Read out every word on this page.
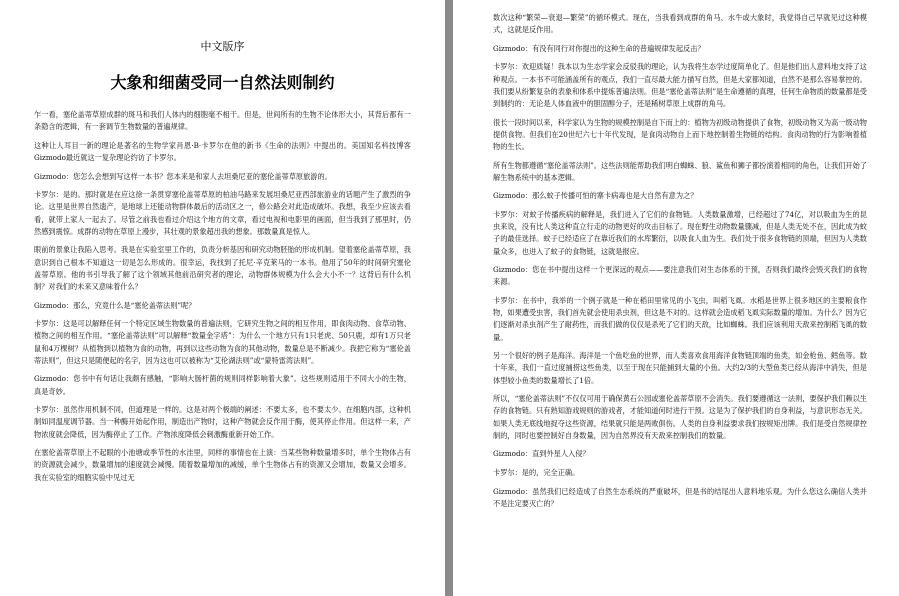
中文版序
大象和细菌受同一自然法则制约

乍一看，塞伦盖蒂草原成群的斑马和我们人体内的细胞毫不相干。但是，世间所有的生物不论体形大小，其背后都有一条隐含的逻辑，有一套调节生物数量的普遍规律。

这种让人耳目一新的理论是著名的生物学家肖恩·B·卡罗尔在他的新书《生命的法则》中提出的。美国知名科技博客Gizmodo最近就这一复杂理论约访了卡罗尔。

Gizmodo：您怎么会想到写这样一本书？您本来是和家人去坦桑尼亚的塞伦盖蒂草原旅游的。

卡罗尔：是的。那时就是在应这徐一条贯穿塞伦盖蒂草原的柏油马路来发展坦桑尼亚西部旅游业的话题产生了激烈的争论。这里是世界自然遗产，是地球上还能动物群体最后的活动区之一，修公路会对此造成破坏。我想，我至少应该去看看，就带上家人一起去了。尽管之前我也看过介绍这个地方的文章，看过电视和电影里的画面，但当我到了那里时，仍然感到震惊。成群的动物在草原上漫步，其壮观的景象超出我的想象。那数量真是惊人。

眼前的景象让我陷入思考。我是在实验室里工作的，负责分析基因和研究动物胚胎的形成机制。望着塞伦盖蒂草原，我意识到自己根本不知道这一切是怎么形成的。很幸运，我找到了托尼·辛克莱马的一本书。他用了50年的时间研究塞伦盖蒂草原。他的书引导我了解了这个领域其他前沿研究者的理论，动物群体规模为什么会大小不一？这背后有什么机制？对我们的未来又意味着什么？

Gizmodo：那么，究竟什么是“塞伦盖蒂法则”呢？

卡罗尔：这是可以解释任何一个特定区域生物数量的普遍法则，它研究生物之间的相互作用，即食肉动物、食草动物、植物之间的相互作用。“塞伦盖蒂法则”可以解释“数量金字塔”：为什么一个地方只有1只老虎、50只鹿，却有1万只老鼠和4万棵树？从植物到以植物为食的动物，再到以这些动物为食的其他动物，数量总是不断减少。我把它称为“塞伦盖蒂法则”，但这只是随便起的名字，因为这也可以被称为“艾伦湖法则”或“蒙特雷湾法则”。

Gizmodo：您书中有句话让我颇有感触，“影响大肠杆菌的规则同样影响着大象”。这些规则适用于不同大小的生物，真是奇妙。

卡罗尔：虽然作用机制不同，但道理是一样的。这是对两个极端的阐述：不要太多，也不要太少。在细胞内部，这种机制如同温度调节器。当一种酶开始起作用，制造出产物时，这种产物就会反作用于酶，使其停止作用。但这样一来，产物浓度就会降低，因为酶停止了工作。产物浓度降低会刺激酶重新开始工作。

在塞伦盖蒂草原上不起眼的小池塘或季节性的水洼里，同样的事情也在上演：当某些物种数量增多时，单个生物体占有的资源就会减少，数量增加的速度就会减慢。随着数量增加的减缓，单个生物体占有的资源又会增加，数量又会增多。我在实验室的细胞实验中见过无

数次这种“繁荣—衰退—繁荣”的循环模式。现在，当我看到成群的角马、水牛或大象时，我觉得自己早就见过这种模式，这就是反作用。

Gizmodo：有没有同行对你提出的这种生命的普遍规律发起反击？

卡罗尔：欢迎质疑！我本以为生态学家会反驳我的理论，认为我将生态学过度简单化了。但是他们出人意料地支持了这种观点。一本书不可能涵盖所有的观点，我们一直尽最大能力描写自然，但是大家都知道，自然不是那么容易掌控的。我们要从纷繁复杂的表象和体系中提炼普遍法则。但是“塞伦盖蒂法则”是生命遵循的真理，任何生命物质的数量都是受到制约的：无论是人体血液中的胆固醇分子，还是稀树草原上成群的角马。

很长一段时间以来，科学家认为生物的规模控制是自下而上的：植物为初级动物提供了食物，初级动物又为高一级动物提供食物。但我们在20世纪六七十年代发现，是食肉动物自上而下地控制着生物链的结构。食肉动物的行为影响着植物的生长。

所有生物都遵循“塞伦盖蒂法则”。这些法则能帮助我们明白蜘蛛、狼、鲨鱼和狮子都扮演着相同的角色，让我们开始了解生物系统中的基本逻辑。

Gizmodo：那么蚊子传播可怕的寨卡病毒也是大自然有意为之？

卡罗尔：对蚊子传播疾病的解释是，我们进入了它们的食物链。人类数量激增，已经超过了74亿，对以吸血为生的昆虫来说，没有比人类这种直立行走的动物更好的攻击目标了。现在野生动物数量骤减，但是人类无处不在，因此成为蚊子的最佳选择。蚊子已经适应了在靠近我们的水库繁衍，以吸食人血为生。我们处于很多食物链的顶端，但因为人类数量众多，也进入了蚊子的食物链，这就是报应。

Gizmodo：您在书中提出这样一个更深远的观点——要注意我们对生态体系的干预，否则我们最终会毁灭我们的食物来源。

卡罗尔：在书中，我举的一个例子就是一种在稻田里常见的小飞虫，叫稻飞虱。水稻是世界上很多地区的主要粮食作物，如果遭受虫害，我们首先就会使用杀虫剂，但这是不对的。这样就会造成稻飞虱实际数量的增加。为什么？因为它们逐渐对杀虫剂产生了耐药性，而我们做的仅仅是杀死了它们的天敌，比如蜘蛛。我们应该利用天敌来控制稻飞虱的数量。

另一个很好的例子是海洋。海洋是一个鱼吃鱼的世界，而人类喜欢食用海洋食物链顶端的鱼类，如金枪鱼、鳕鱼等。数十年来，我们一直过度捕捞这些鱼类，以至于现在只能捕到大量的小鱼。大约2/3的大型鱼类已经从海洋中消失，但是体型较小鱼类的数量增长了1倍。

所以，“塞伦盖蒂法则”不仅仅可用于确保黄石公园或塞伦盖蒂草原不会消失。我们要遵循这一法则，要保护我们赖以生存的食物链。只有熟知游戏规则的游戏者，才能知道何时进行干预。这是为了保护我们的自身利益，与意识形态无关。如果人类无底线地捉夺这些资源，结果就只能是两败俱伤。人类的自身利益要求我们按规矩出牌。我们是受自然规律控制的，同时也要控制好自身数量，因为自然界没有天敌来控制我们的数量。

Gizmodo：直到外星人入侵？

卡罗尔：是的，完全正确。

Gizmodo：虽然我们已经造成了自然生态系统的严重破坏，但是书的结尾出人意料地乐观。为什么您这么确信人类并不是注定要灭亡的？
